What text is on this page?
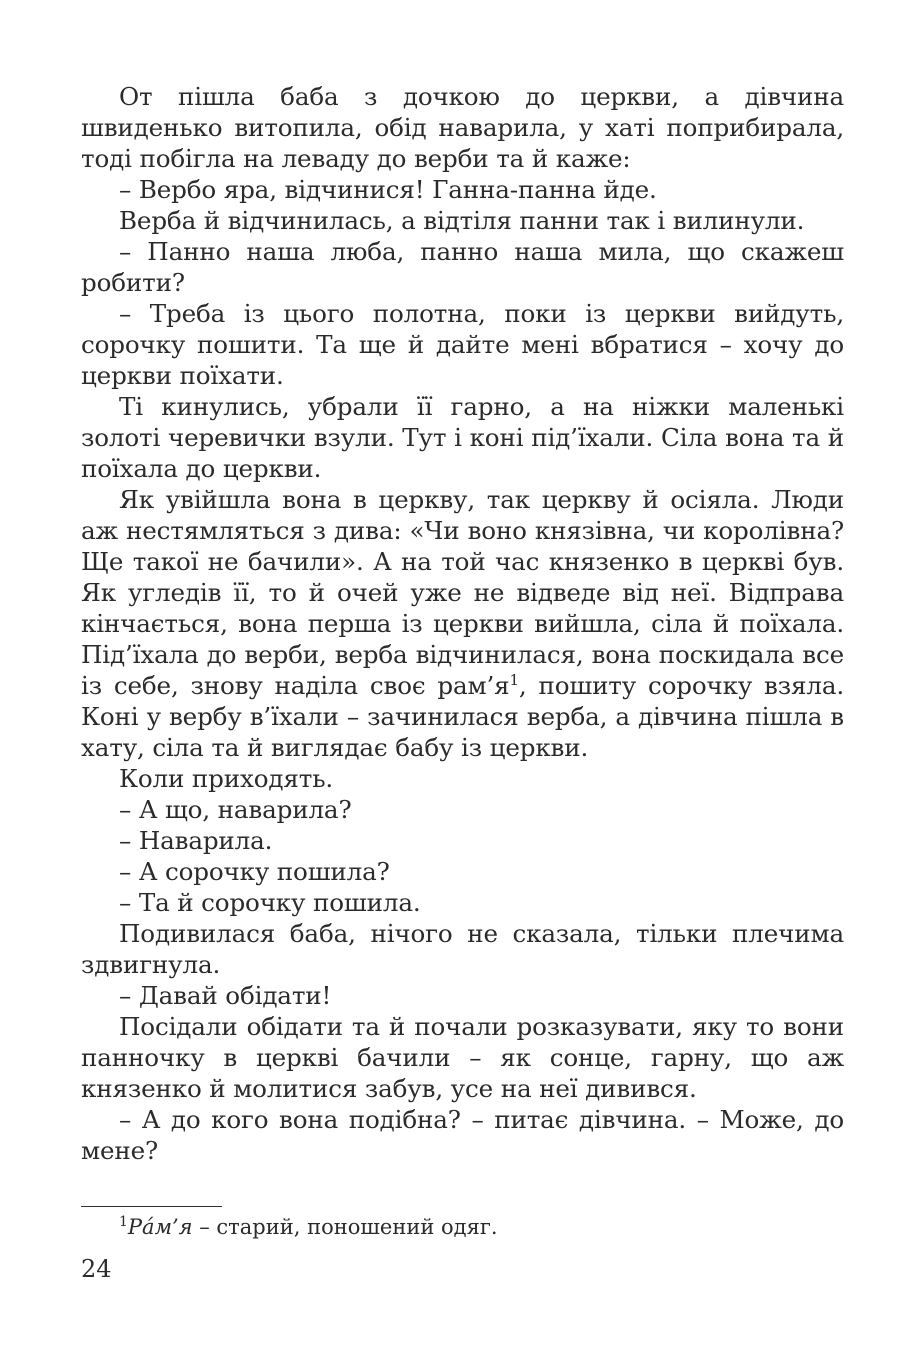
От пішла баба з дочкою до церкви, а дівчина швиденько витопила, обід наварила, у хаті поприбирала, тоді побігла на леваду до верби та й каже:

– Вербо яра, відчинися! Ганна-панна йде.

Верба й відчинилась, а відтіля панни так і вилинули.

– Панно наша люба, панно наша мила, що скажеш робити?

– Треба із цього полотна, поки із церкви вийдуть, сорочку пошити. Та ще й дайте мені вбратися – хочу до церкви поїхати.

Ті кинулись, убрали її гарно, а на ніжки маленькі золоті черевички взули. Тут і коні під’їхали. Сіла вона та й поїхала до церкви.

Як увійшла вона в церкву, так церкву й осіяла. Люди аж нестямляться з дива: «Чи воно князівна, чи королівна? Ще такої не бачили». А на той час князенко в церкві був. Як угледів її, то й очей уже не відведе від неї. Відправа кінчається, вона перша із церкви вийшла, сіла й поїхала. Під’їхала до верби, верба відчинилася, вона поскидала все із себе, знову наділа своє $рам’я^1$, пошиту сорочку взяла. Коні у вербу в’їхали – зачинилася верба, а дівчина пішла в хату, сіла та й виглядає бабу із церкви.

Коли приходять.

– А що, наварила?

– Наварила.

– А сорочку пошила?

– Та й сорочку пошила.

Подивилася баба, нічого не сказала, тільки плечима здвигнула.

– Давай обідати!

Посідали обідати та й почали розказувати, яку то вони панночку в церкві бачили – як сонце, гарну, що аж князенко й молитися забув, усе на неї дивився.

– А до кого вона подібна? – питає дівчина. – Може, до мене?

$^1$Рáм’я – старий, поношений одяг.
24
